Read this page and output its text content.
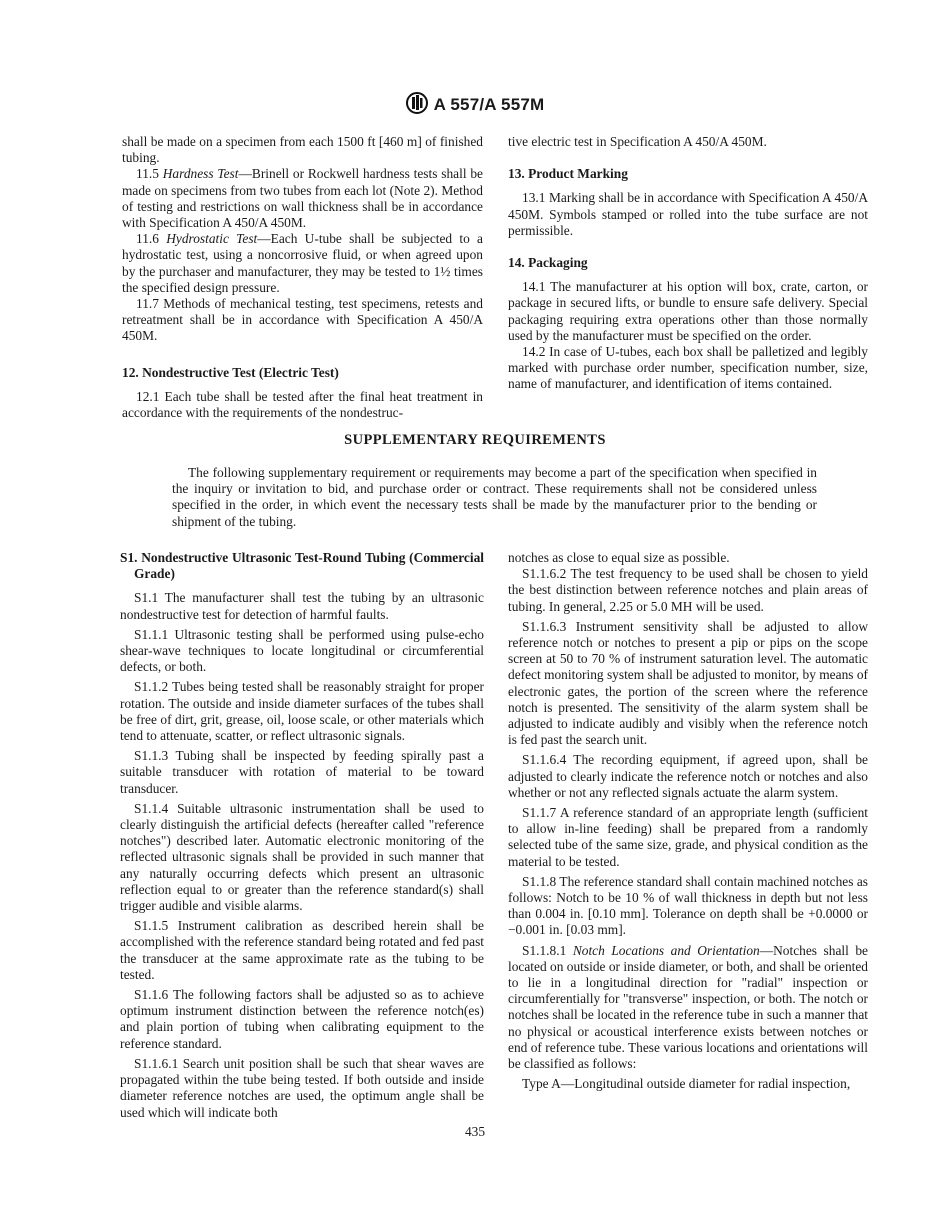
A 557/A 557M

shall be made on a specimen from each 1500 ft [460 m] of finished tubing.

11.5 Hardness Test—Brinell or Rockwell hardness tests shall be made on specimens from two tubes from each lot (Note 2). Method of testing and restrictions on wall thickness shall be in accordance with Specification A 450/A 450M.

11.6 Hydrostatic Test—Each U-tube shall be subjected to a hydrostatic test, using a noncorrosive fluid, or when agreed upon by the purchaser and manufacturer, they may be tested to 1½ times the specified design pressure.

11.7 Methods of mechanical testing, test specimens, retests and retreatment shall be in accordance with Specification A 450/A 450M.

12. Nondestructive Test (Electric Test)

12.1 Each tube shall be tested after the final heat treatment in accordance with the requirements of the nondestruc-

tive electric test in Specification A 450/A 450M.

13. Product Marking

13.1 Marking shall be in accordance with Specification A 450/A 450M. Symbols stamped or rolled into the tube surface are not permissible.

14. Packaging

14.1 The manufacturer at his option will box, crate, carton, or package in secured lifts, or bundle to ensure safe delivery. Special packaging requiring extra operations other than those normally used by the manufacturer must be specified on the order.

14.2 In case of U-tubes, each box shall be palletized and legibly marked with purchase order number, specification number, size, name of manufacturer, and identification of items contained.

SUPPLEMENTARY REQUIREMENTS
The following supplementary requirement or requirements may become a part of the specification when specified in the inquiry or invitation to bid, and purchase order or contract. These requirements shall not be considered unless specified in the order, in which event the necessary tests shall be made by the manufacturer prior to the bending or shipment of the tubing.

S1. Nondestructive Ultrasonic Test-Round Tubing (Commercial Grade)

S1.1 The manufacturer shall test the tubing by an ultrasonic nondestructive test for detection of harmful faults.

S1.1.1 Ultrasonic testing shall be performed using pulse-echo shear-wave techniques to locate longitudinal or circumferential defects, or both.

S1.1.2 Tubes being tested shall be reasonably straight for proper rotation. The outside and inside diameter surfaces of the tubes shall be free of dirt, grit, grease, oil, loose scale, or other materials which tend to attenuate, scatter, or reflect ultrasonic signals.

S1.1.3 Tubing shall be inspected by feeding spirally past a suitable transducer with rotation of material to be toward transducer.

S1.1.4 Suitable ultrasonic instrumentation shall be used to clearly distinguish the artificial defects (hereafter called "reference notches") described later. Automatic electronic monitoring of the reflected ultrasonic signals shall be provided in such manner that any naturally occurring defects which present an ultrasonic reflection equal to or greater than the reference standard(s) shall trigger audible and visible alarms.

S1.1.5 Instrument calibration as described herein shall be accomplished with the reference standard being rotated and fed past the transducer at the same approximate rate as the tubing to be tested.

S1.1.6 The following factors shall be adjusted so as to achieve optimum instrument distinction between the reference notch(es) and plain portion of tubing when calibrating equipment to the reference standard.

S1.1.6.1 Search unit position shall be such that shear waves are propagated within the tube being tested. If both outside and inside diameter reference notches are used, the optimum angle shall be used which will indicate both

notches as close to equal size as possible.

S1.1.6.2 The test frequency to be used shall be chosen to yield the best distinction between reference notches and plain areas of tubing. In general, 2.25 or 5.0 MH will be used.

S1.1.6.3 Instrument sensitivity shall be adjusted to allow reference notch or notches to present a pip or pips on the scope screen at 50 to 70 % of instrument saturation level. The automatic defect monitoring system shall be adjusted to monitor, by means of electronic gates, the portion of the screen where the reference notch is presented. The sensitivity of the alarm system shall be adjusted to indicate audibly and visibly when the reference notch is fed past the search unit.

S1.1.6.4 The recording equipment, if agreed upon, shall be adjusted to clearly indicate the reference notch or notches and also whether or not any reflected signals actuate the alarm system.

S1.1.7 A reference standard of an appropriate length (sufficient to allow in-line feeding) shall be prepared from a randomly selected tube of the same size, grade, and physical condition as the material to be tested.

S1.1.8 The reference standard shall contain machined notches as follows: Notch to be 10 % of wall thickness in depth but not less than 0.004 in. [0.10 mm]. Tolerance on depth shall be +0.0000 or −0.001 in. [0.03 mm].

S1.1.8.1 Notch Locations and Orientation—Notches shall be located on outside or inside diameter, or both, and shall be oriented to lie in a longitudinal direction for "radial" inspection or circumferentially for "transverse" inspection, or both. The notch or notches shall be located in the reference tube in such a manner that no physical or acoustical interference exists between notches or end of reference tube. These various locations and orientations will be classified as follows:

Type A—Longitudinal outside diameter for radial inspection,

435
